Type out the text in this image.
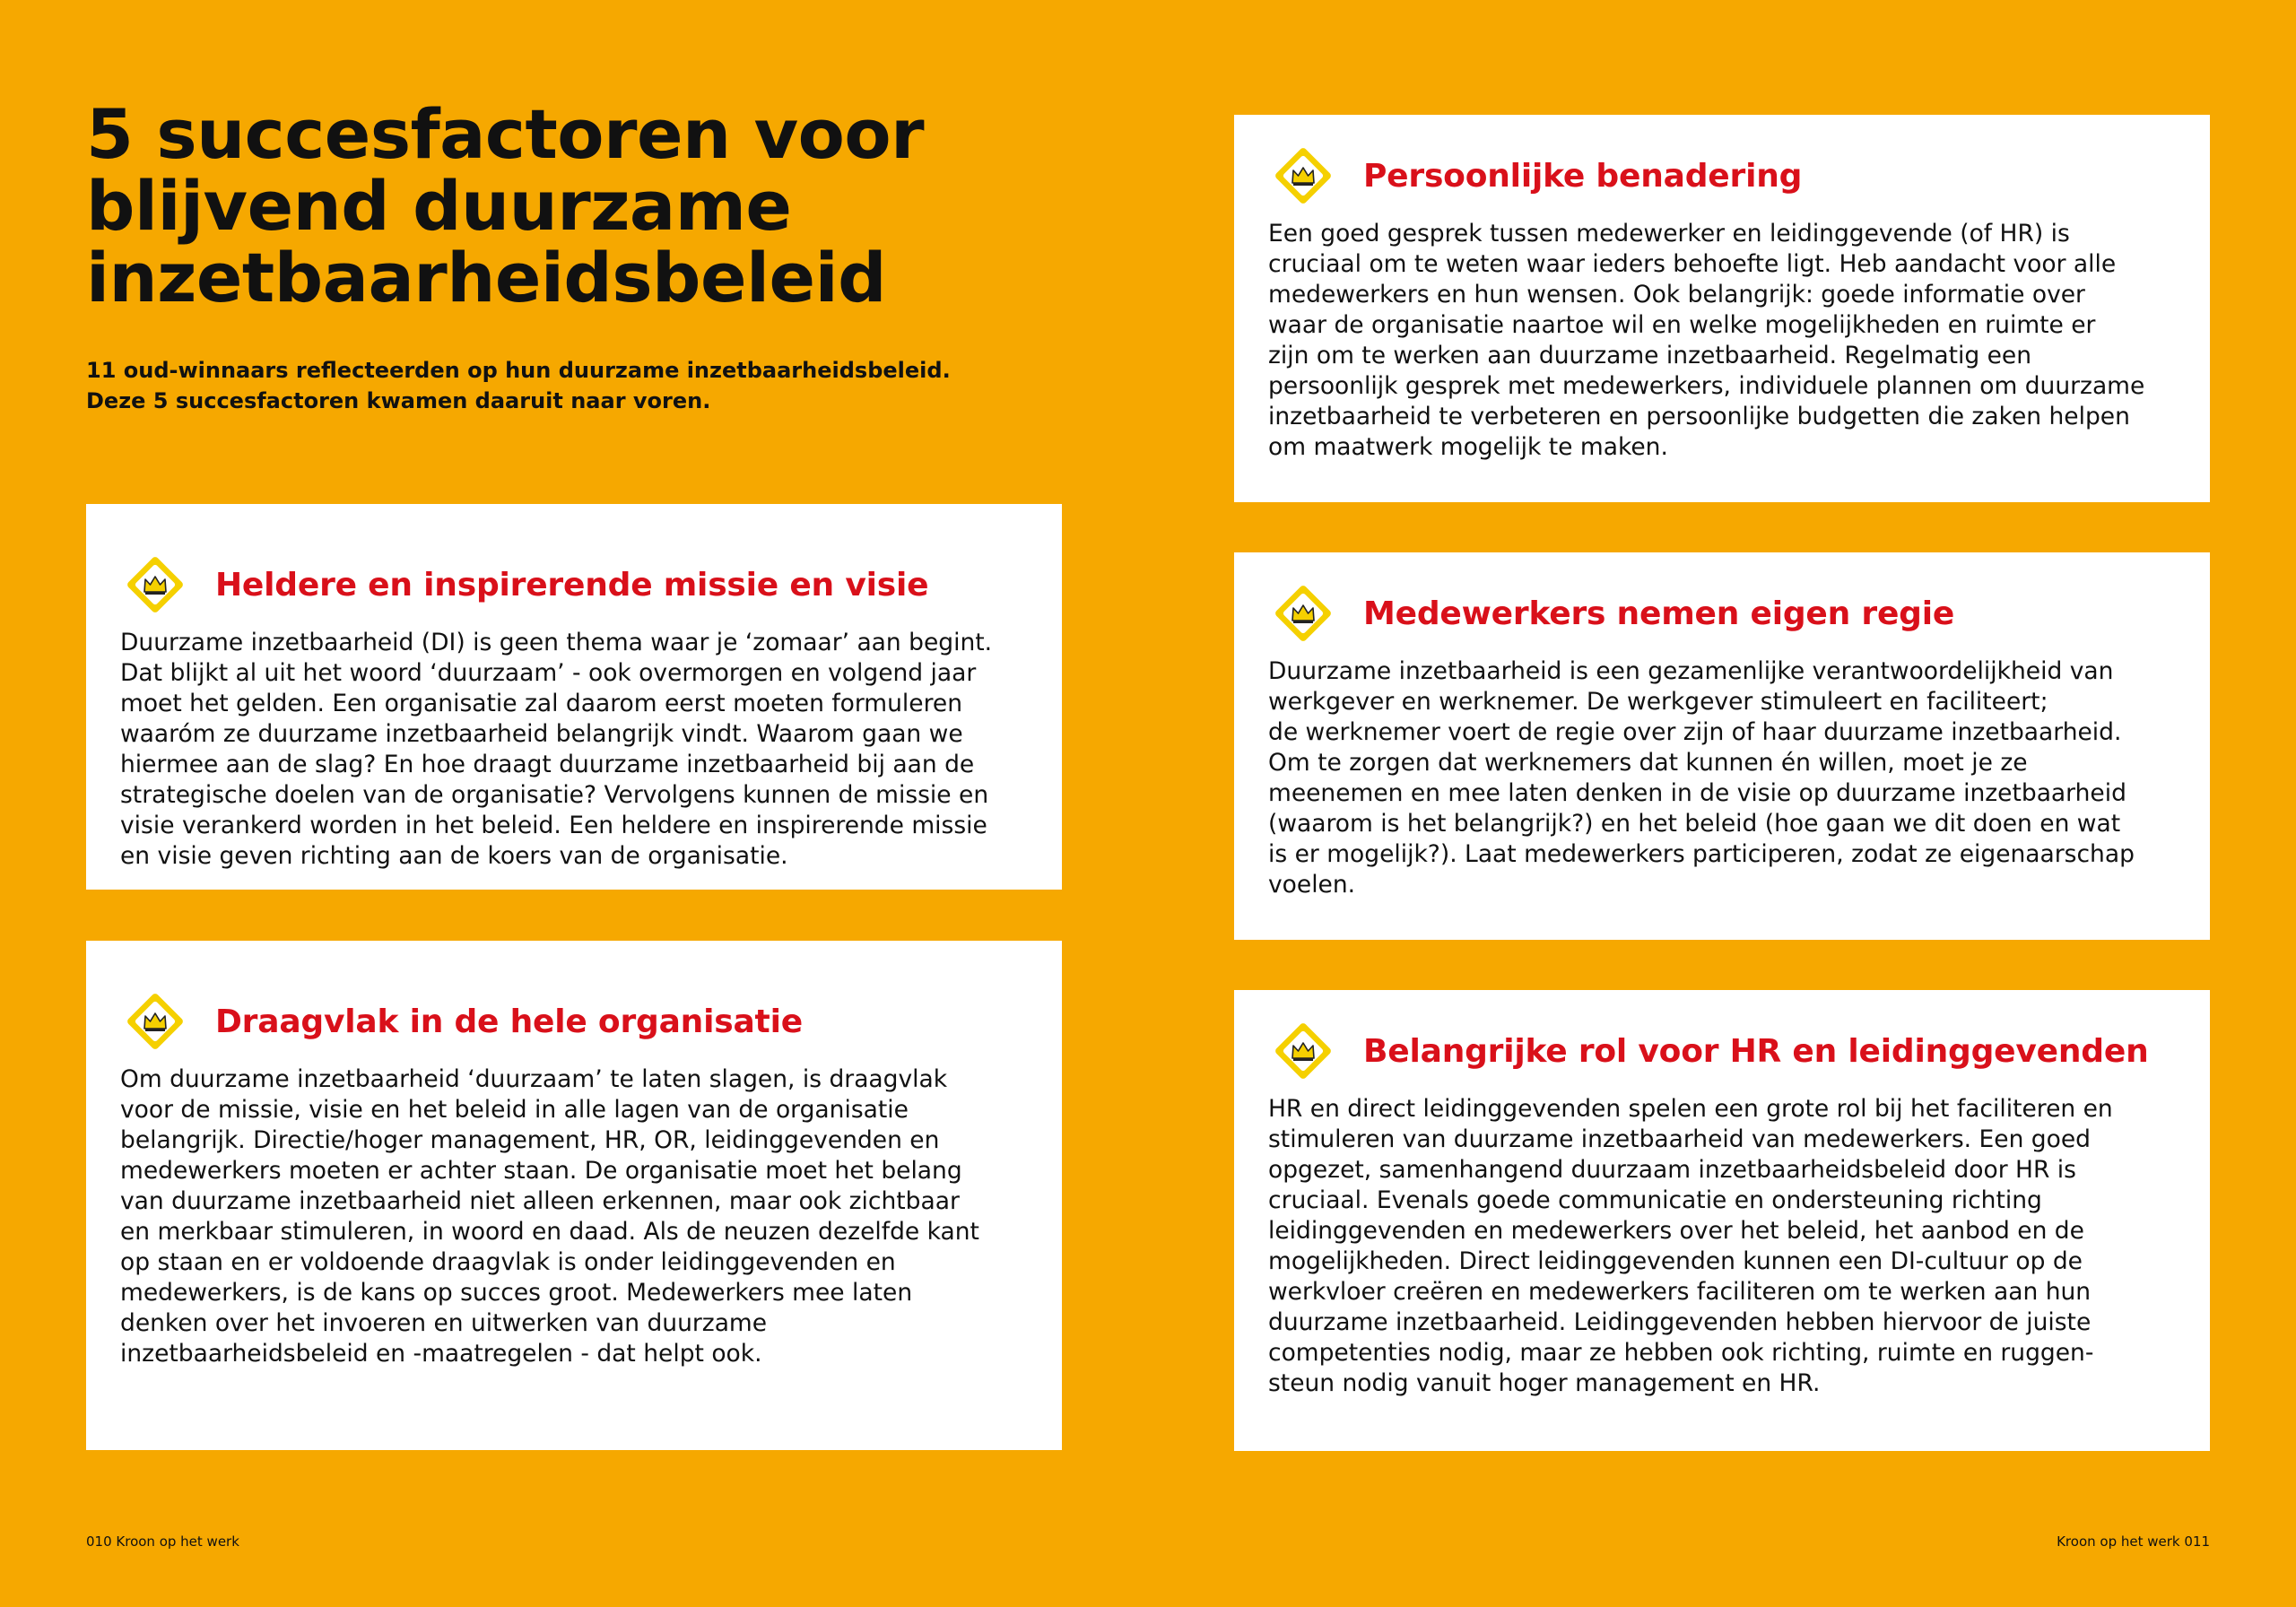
5 succesfactoren voor
blijvend duurzame
inzetbaarheidsbeleid

11 oud-winnaars reflecteerden op hun duurzame inzetbaarheidsbeleid.
Deze 5 succesfactoren kwamen daaruit naar voren.

Heldere en inspirerende missie en visie
Duurzame inzetbaarheid (DI) is geen thema waar je ‘zomaar’ aan begint.
Dat blijkt al uit het woord ‘duurzaam’ - ook overmorgen en volgend jaar
moet het gelden. Een organisatie zal daarom eerst moeten formuleren
waaróm ze duurzame inzetbaarheid belangrijk vindt. Waarom gaan we
hiermee aan de slag? En hoe draagt duurzame inzetbaarheid bij aan de
strategische doelen van de organisatie? Vervolgens kunnen de missie en
visie verankerd worden in het beleid. Een heldere en inspirerende missie
en visie geven richting aan de koers van de organisatie.
Draagvlak in de hele organisatie
Om duurzame inzetbaarheid ‘duurzaam’ te laten slagen, is draagvlak
voor de missie, visie en het beleid in alle lagen van de organisatie
belangrijk. Directie/hoger management, HR, OR, leidinggevenden en
medewerkers moeten er achter staan. De organisatie moet het belang
van duurzame inzetbaarheid niet alleen erkennen, maar ook zichtbaar
en merkbaar stimuleren, in woord en daad. Als de neuzen dezelfde kant
op staan en er voldoende draagvlak is onder leidinggevenden en
medewerkers, is de kans op succes groot. Medewerkers mee laten
denken over het invoeren en uitwerken van duurzame
inzetbaarheidsbeleid en -maatregelen - dat helpt ook.
Persoonlijke benadering
Een goed gesprek tussen medewerker en leidinggevende (of HR) is
cruciaal om te weten waar ieders behoefte ligt. Heb aandacht voor alle
medewerkers en hun wensen. Ook belangrijk: goede informatie over
waar de organisatie naartoe wil en welke mogelijkheden en ruimte er
zijn om te werken aan duurzame inzetbaarheid. Regelmatig een
persoonlijk gesprek met medewerkers, individuele plannen om duurzame
inzetbaarheid te verbeteren en persoonlijke budgetten die zaken helpen
om maatwerk mogelijk te maken.
Medewerkers nemen eigen regie
Duurzame inzetbaarheid is een gezamenlijke verantwoordelijkheid van
werkgever en werknemer. De werkgever stimuleert en faciliteert;
de werknemer voert de regie over zijn of haar duurzame inzetbaarheid.
Om te zorgen dat werknemers dat kunnen én willen, moet je ze
meenemen en mee laten denken in de visie op duurzame inzetbaarheid
(waarom is het belangrijk?) en het beleid (hoe gaan we dit doen en wat
is er mogelijk?). Laat medewerkers participeren, zodat ze eigenaarschap
voelen.
Belangrijke rol voor HR en leidinggevenden
HR en direct leidinggevenden spelen een grote rol bij het faciliteren en
stimuleren van duurzame inzetbaarheid van medewerkers. Een goed
opgezet, samenhangend duurzaam inzetbaarheidsbeleid door HR is
cruciaal. Evenals goede communicatie en ondersteuning richting
leidinggevenden en medewerkers over het beleid, het aanbod en de
mogelijkheden. Direct leidinggevenden kunnen een DI-cultuur op de
werkvloer creëren en medewerkers faciliteren om te werken aan hun
duurzame inzetbaarheid. Leidinggevenden hebben hiervoor de juiste
competenties nodig, maar ze hebben ook richting, ruimte en ruggen-
steun nodig vanuit hoger management en HR.
010 Kroon op het werk	Kroon op het werk 011
